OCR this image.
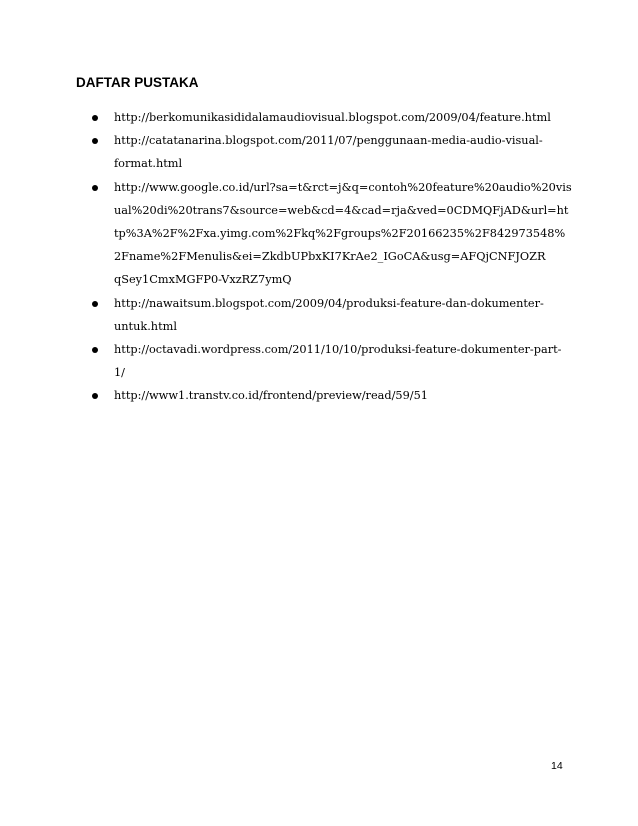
DAFTAR PUSTAKA
http://berkomunikasididalamaudiovisual.blogspot.com/2009/04/feature.html
http://catatanarina.blogspot.com/2011/07/penggunaan-media-audio-visual-
format.html
http://www.google.co.id/url?sa=t&rct=j&q=contoh%20feature%20audio%20vis
ual%20di%20trans7&source=web&cd=4&cad=rja&ved=0CDMQFjAD&url=ht
tp%3A%2F%2Fxa.yimg.com%2Fkq%2Fgroups%2F20166235%2F842973548%
2Fname%2FMenulis&ei=ZkdbUPbxKI7KrAe2_IGoCA&usg=AFQjCNFJOZR
qSey1CmxMGFP0-VxzRZ7ymQ
http://nawaitsum.blogspot.com/2009/04/produksi-feature-dan-dokumenter-
untuk.html
http://octavadi.wordpress.com/2011/10/10/produksi-feature-dokumenter-part-
1/
http://www1.transtv.co.id/frontend/preview/read/59/51
14
